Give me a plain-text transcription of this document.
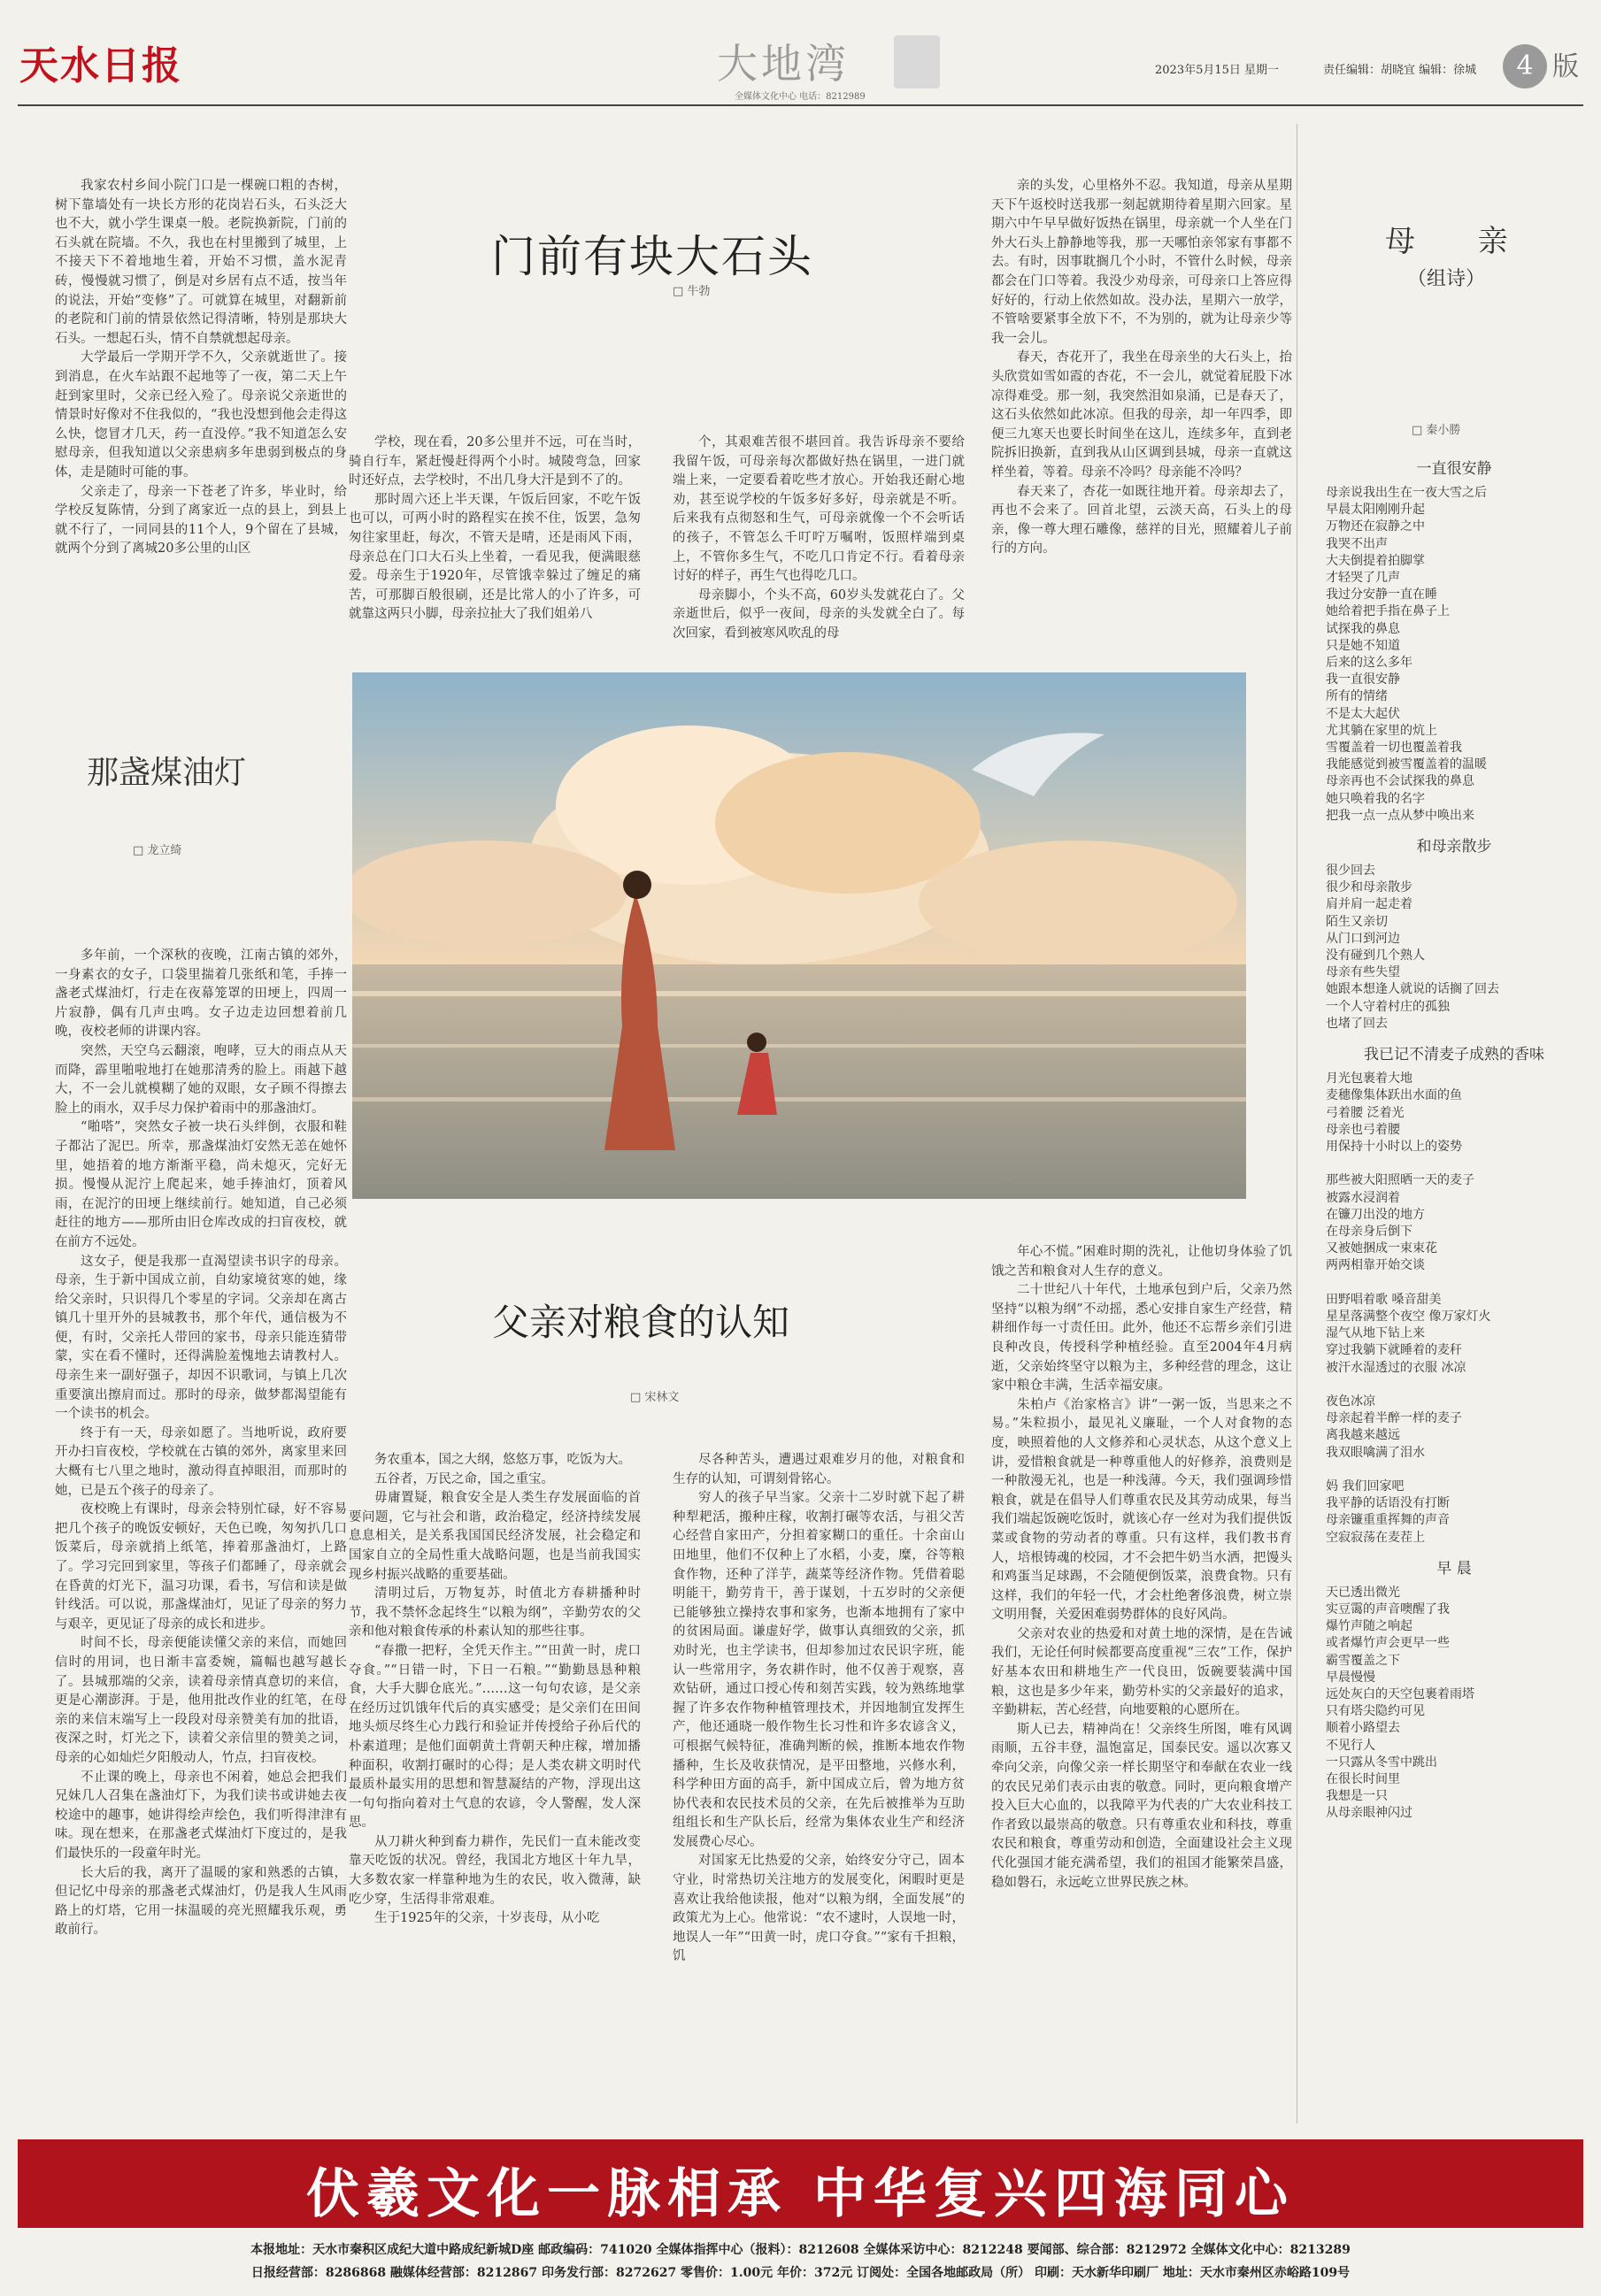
天水日报	大地湾
全媒体文化中心 电话：8212989
2023年5月15日 星期一	责任编辑：胡晓宜 编辑：徐城	4 版
门前有块大石头
□ 牛勃

我家农村乡间小院门口是一棵碗口粗的杏树，树下靠墙处有一块长方形的花岗岩石头，石头泛大也不大，就小学生课桌一般。老院换新院，门前的石头就在院墙。不久，我也在村里搬到了城里，上不接天下不着地地生着，开始不习惯，盖水泥青砖，慢慢就习惯了，倒是对乡居有点不适，按当年的说法，开始“变修”了。可就算在城里，对翻新前的老院和门前的情景依然记得清晰，特别是那块大石头。一想起石头，情不自禁就想起母亲。

大学最后一学期开学不久，父亲就逝世了。接到消息，在火车站跟不起地等了一夜，第二天上午赶到家里时，父亲已经入殓了。母亲说父亲逝世的情景时好像对不住我似的，“我也没想到他会走得这么快，惚冒才几天，药一直没停。”我不知道怎么安慰母亲，但我知道以父亲患病多年患弱到极点的身体，走是随时可能的事。

父亲走了，母亲一下苍老了许多，毕业时，给学校反复陈情，分到了离家近一点的县上，到县上就不行了，一同同县的11个人，9个留在了县城，就两个分到了离城20多公里的山区

学校，现在看，20多公里并不远，可在当时，骑自行车，紧赶慢赶得两个小时。城陵弯急，回家时还好点，去学校时，不出几身大汗是到不了的。

那时周六还上半天课，午饭后回家，不吃午饭也可以，可两小时的路程实在挨不住，饭罢，急匆匆往家里赶，每次，不管天是晴，还是雨风下雨，母亲总在门口大石头上坐着，一看见我，便满眼慈爱。母亲生于1920年，尽管饿幸躲过了缠足的痛苦，可那脚百般很刷，还是比常人的小了许多，可就靠这两只小脚，母亲拉扯大了我们姐弟八

个，其艰难苦很不堪回首。我告诉母亲不要给我留午饭，可母亲每次都做好热在锅里，一进门就端上来，一定要看着吃些才放心。开始我还耐心地劝，甚至说学校的午饭多好多好，母亲就是不听。后来我有点彻怒和生气，可母亲就像一个不会听话的孩子，不管怎么千叮咛万嘱咐，饭照样端到桌上，不管你多生气，不吃几口肯定不行。看着母亲讨好的样子，再生气也得吃几口。

母亲脚小，个头不高，60岁头发就花白了。父亲逝世后，似乎一夜间，母亲的头发就全白了。每次回家，看到被寒风吹乱的母

亲的头发，心里格外不忍。我知道，母亲从星期天下午返校时送我那一刻起就期待着星期六回家。星期六中午早早做好饭热在锅里，母亲就一个人坐在门外大石头上静静地等我，那一天哪怕亲邻家有事都不去。有时，因事耽搁几个小时，不管什么时候，母亲都会在门口等着。我没少劝母亲，可母亲口上答应得好好的，行动上依然如故。没办法，星期六一放学，不管啥要紧事全放下不，不为别的，就为让母亲少等我一会儿。

春天，杏花开了，我坐在母亲坐的大石头上，抬头欣赏如雪如霞的杏花，不一会儿，就觉着屁股下冰凉得难受。那一刻，我突然泪如泉涌，已是春天了，这石头依然如此冰凉。但我的母亲，却一年四季，即便三九寒天也要长时间坐在这儿，连续多年，直到老院拆旧换新，直到我从山区调到县城，母亲一直就这样坐着，等着。母亲不冷吗？母亲能不冷吗？

春天来了，杏花一如既往地开着。母亲却去了，再也不会来了。回首北望，云淡天高，石头上的母亲，像一尊大理石雕像，慈祥的目光，照耀着儿子前行的方向。

那盏煤油灯
□ 龙立绮

多年前，一个深秋的夜晚，江南古镇的郊外，一身素衣的女子，口袋里揣着几张纸和笔，手捧一盏老式煤油灯，行走在夜幕笼罩的田埂上，四周一片寂静，偶有几声虫鸣。女子边走边回想着前几晚，夜校老师的讲课内容。

突然，天空乌云翻滚，咆哮，豆大的雨点从天而降，霹里啪啦地打在她那清秀的脸上。雨越下越大，不一会儿就模糊了她的双眼，女子顾不得擦去脸上的雨水，双手尽力保护着雨中的那盏油灯。

“啪嗒”，突然女子被一块石头绊倒，衣服和鞋子都沾了泥巴。所幸，那盏煤油灯安然无恙在她怀里，她捂着的地方渐渐平稳，尚未熄灭，完好无损。慢慢从泥泞上爬起来，她手捧油灯，顶着风雨，在泥泞的田埂上继续前行。她知道，自己必须赶往的地方——那所由旧仓库改成的扫盲夜校，就在前方不远处。

这女子，便是我那一直渴望读书识字的母亲。母亲，生于新中国成立前，自幼家境贫寒的她，缘给父亲时，只识得几个零星的字词。父亲却在离古镇几十里开外的县城教书，那个年代，通信极为不便，有时，父亲托人带回的家书，母亲只能连猜带蒙，实在看不懂时，还得满脸羞愧地去请教村人。母亲生来一副好强子，却因不识歌词，与镇上几次重要演出擦肩而过。那时的母亲，做梦都渴望能有一个读书的机会。

终于有一天，母亲如愿了。当地听说，政府要开办扫盲夜校，学校就在古镇的郊外，离家里来回大概有七八里之地时，激动得直掉眼泪，而那时的她，已是五个孩子的母亲了。

夜校晚上有课时，母亲会特别忙碌，好不容易把几个孩子的晚饭安顿好，天色已晚，匆匆扒几口饭菜后，母亲就捎上纸笔，捧着那盏油灯，上路了。学习完回到家里，等孩子们都睡了，母亲就会在昏黄的灯光下，温习功课，看书，写信和读是做针线活。可以说，那盏煤油灯，见证了母亲的努力与艰辛，更见证了母亲的成长和进步。

时间不长，母亲便能读懂父亲的来信，而她回信时的用词，也日渐丰富委婉，篇幅也越写越长了。县城那端的父亲，读着母亲情真意切的来信，更是心潮澎湃。于是，他用批改作业的红笔，在母亲的来信末端写上一段段对母亲赞美有加的批语，夜深之时，灯光之下，读着父亲信里的赞美之词，母亲的心如灿烂夕阳般动人，竹点，扫盲夜校。

不止课的晚上，母亲也不闲着，她总会把我们兄妹几人召集在盏油灯下，为我们读书或讲她去夜校途中的趣事，她讲得绘声绘色，我们听得津津有味。现在想来，在那盏老式煤油灯下度过的，是我们最快乐的一段童年时光。

长大后的我，离开了温暖的家和熟悉的古镇，但记忆中母亲的那盏老式煤油灯，仍是我人生风雨路上的灯塔，它用一抹温暖的亮光照耀我乐观，勇敢前行。

父亲对粮食的认知
□ 宋林文

务农重本，国之大纲，悠悠万事，吃饭为大。

五谷者，万民之命，国之重宝。

毋庸置疑，粮食安全是人类生存发展面临的首要问题，它与社会和谐，政治稳定，经济持续发展息息相关，是关系我国国民经济发展，社会稳定和国家自立的全局性重大战略问题，也是当前我国实现乡村振兴战略的重要基础。

清明过后，万物复苏，时值北方春耕播种时节，我不禁怀念起终生“以粮为纲”，辛勤劳农的父亲和他对粮食传承的朴素认知的那些往事。

“春撒一把籽，全凭天作主。”“田黄一时，虎口夺食。”“日错一时，下日一石粮。”“勤勤恳恳种粮食，大手大脚仓底光。”……这一句句农谚，是父亲在经历过饥饿年代后的真实感受；是父亲们在田间地头烦尽终生心力践行和验证并传授给子孙后代的朴素道理；是他们面朝黄土背朝天种庄稼，增加播种面积，收割打碾时的心得；是人类农耕文明时代最质朴最实用的思想和智慧凝结的产物，浮现出这一句句指向着对土气息的农谚，令人警醒，发人深思。

从刀耕火种到畜力耕作，先民们一直未能改变靠天吃饭的状况。曾经，我国北方地区十年九旱，大多数农家一样靠种地为生的农民，收入微薄，缺吃少穿，生活得非常艰难。

生于1925年的父亲，十岁丧母，从小吃

尽各种苦头，遭遇过艰难岁月的他，对粮食和生存的认知，可谓刻骨铭心。

穷人的孩子早当家。父亲十二岁时就下起了耕种犁耙活，搬种庄稼，收割打碾等农活，与祖父苦心经营自家田产，分担着家糊口的重任。十余亩山田地里，他们不仅种上了水稻，小麦，糜，谷等粮食作物，还种了洋芋，蔬菜等经济作物。凭借着聪明能干，勤劳肯干，善于谋划，十五岁时的父亲便已能够独立操持农事和家务，也渐本地拥有了家中的贫困局面。谦虚好学，做事认真细致的父亲，抓劝时光，也主学读书，但却参加过农民识字班，能认一些常用字，务农耕作时，他不仅善于观察，喜欢钻研，通过口授心传和刻苦实践，较为熟练地掌握了许多农作物种植管理技术，并因地制宜发挥生产，他还通晓一般作物生长习性和许多农谚含义，可根据气候特征，准确判断的候，推断本地农作物播种，生长及收获情况，是平田整地，兴修水利，科学种田方面的高手，新中国成立后，曾为地方贫协代表和农民技术员的父亲，在先后被推举为互助组组长和生产队长后，经常为集体农业生产和经济发展费心尽心。

对国家无比热爱的父亲，始终安分守己，固本守业，时常热切关注地方的发展变化，闲暇时更是喜欢让我给他读报，他对“以粮为纲，全面发展”的政策尤为上心。他常说：“农不逮时，人误地一时，地误人一年”“田黄一时，虎口夺食。”“家有千担粮，饥

年心不慌。”困难时期的洗礼，让他切身体验了饥饿之苦和粮食对人生存的意义。

二十世纪八十年代，土地承包到户后，父亲乃然坚持“以粮为纲”不动摇，悉心安排自家生产经营，精耕细作每一寸责任田。此外，他还不忘帮乡亲们引进良种改良，传授科学种植经验。直至2004年4月病逝，父亲始终坚守以粮为主，多种经营的理念，这让家中粮仓丰满，生活幸福安康。

朱柏卢《治家格言》讲“一粥一饭，当思来之不易。”朱粒损小，最见礼义廉耻，一个人对食物的态度，映照着他的人文修养和心灵状态，从这个意义上讲，爱惜粮食就是一种尊重他人的好修养，浪费则是一种散漫无礼，也是一种浅薄。今天，我们强调珍惜粮食，就是在倡导人们尊重农民及其劳动成果，每当我们端起饭碗吃饭时，就该心存一丝对为我们提供饭菜或食物的劳动者的尊重。只有这样，我们教书育人，培根铸魂的校园，才不会把牛奶当水洒，把馒头和鸡蛋当足球踢，不会随便倒饭菜，浪费食物。只有这样，我们的年轻一代，才会杜绝奢侈浪费，树立崇文明用餐，关爱困难弱势群体的良好风尚。

父亲对农业的热爱和对黄土地的深情，是在告诫我们，无论任何时候都要高度重视“三农”工作，保护好基本农田和耕地生产一代良田，饭碗要装满中国粮，这也是多少年来，勤劳朴实的父亲最好的追求，辛勤耕耘，苦心经营，向地要粮的心愿所在。

斯人已去，精神尚在！父亲终生所图，唯有风调雨顺，五谷丰登，温饱富足，国泰民安。遥以次寡又牵向父亲，向像父亲一样长期坚守和奉献在农业一线的农民兄弟们表示由衷的敬意。同时，更向粮食增产投入巨大心血的，以我障平为代表的广大农业科技工作者致以最崇高的敬意。只有尊重农业和科技，尊重农民和粮食，尊重劳动和创造，全面建设社会主义现代化强国才能充满希望，我们的祖国才能繁荣昌盛，稳如磐石，永远屹立世界民族之林。

母 亲
（组诗）
□ 秦小勝
一直很安静
母亲说我出生在一夜大雪之后
早晨太阳刚刚升起
万物还在寂静之中
我哭不出声
大夫倒提着拍脚掌
才轻哭了几声
我过分安静一直在睡
她给着把手指在鼻子上
试探我的鼻息
只是她不知道
后来的这么多年
我一直很安静
所有的情绪
不是太大起伏
尤其躺在家里的炕上
雪覆盖着一切也覆盖着我
我能感觉到被雪覆盖着的温暖
母亲再也不会试探我的鼻息
她只唤着我的名字
把我一点一点从梦中唤出来
和母亲散步
很少回去
很少和母亲散步
肩并肩一起走着
陌生又亲切
从门口到河边
没有碰到几个熟人
母亲有些失望
她跟本想逢人就说的话搁了回去
一个人守着村庄的孤独
也堵了回去
我已记不清麦子成熟的香味
月光包裹着大地
麦穗像集体跃出水面的鱼
弓着腰 泛着光
母亲也弓着腰
用保持十小时以上的姿势

那些被大阳照晒一天的麦子
被露水浸润着
在镰刀出没的地方
在母亲身后倒下
又被她捆成一束束花
两两相靠开始交谈

田野唱着歌 嗓音甜美
星星落满整个夜空 像万家灯火
湿气从地下钻上来
穿过我躺下就睡着的麦秆
被汗水湿透过的衣服 冰凉

夜色冰凉
母亲起着半醉一样的麦子
离我越来越远
我双眼噙满了泪水

妈 我们回家吧
我平静的话语没有打断
母亲镰重重挥舞的声音
空寂寂荡在麦茬上
早 晨
天已透出微光
实豆霭的声音噢醒了我
爆竹声随之响起
或者爆竹声会更早一些
霸雪覆盖之下
早晨慢慢
远处灰白的天空包裹着雨塔
只有塔尖隐约可见
顺着小路望去
不见行人
一只露从冬雪中跳出
在很长时间里
我想是一只
从母亲眼神闪过
伏羲文化一脉相承 中华复兴四海同心
本报地址：天水市秦积区成纪大道中路成纪新城D座 邮政编码：741020 全媒体指挥中心（报料）：8212608 全媒体采访中心：8212248 要闻部、综合部：8212972 全媒体文化中心：8213289
日报经营部：8286868 融媒体经营部：8212867 印务发行部：8272627 零售价：1.00元 年价：372元 订阅处：全国各地邮政局（所） 印刷：天水新华印刷厂 地址：天水市秦州区赤峪路109号
